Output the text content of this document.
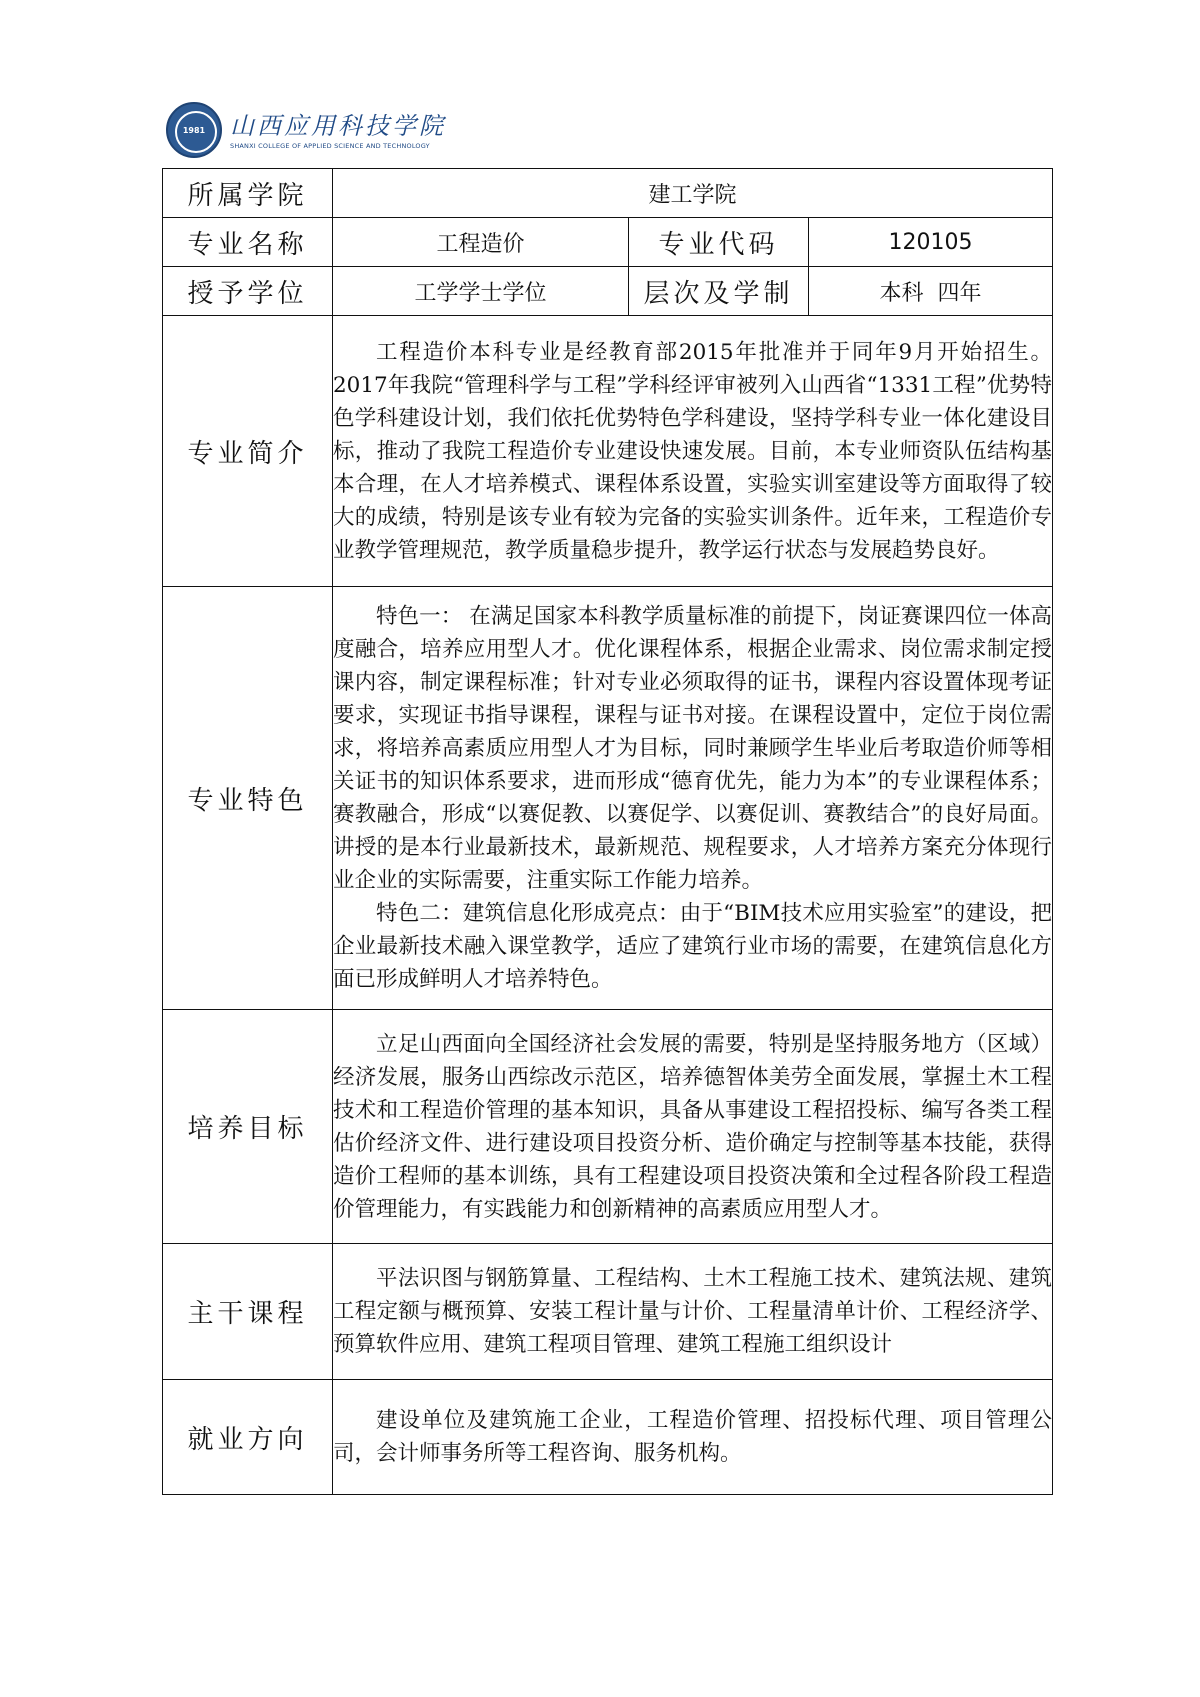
1981	山西应用科技学院
SHANXI COLLEGE OF APPLIED SCIENCE AND TECHNOLOGY
所属学院	建工学院		
专业名称	工程造价	专业代码	120105
授予学位	工学学士学位	层次及学制	本科  四年
专业简介	工程造价本科专业是经教育部2015年批准并于同年9月开始招生。2017年我院“管理科学与工程”学科经评审被列入山西省“1331工程”优势特色学科建设计划，我们依托优势特色学科建设，坚持学科专业一体化建设目标，推动了我院工程造价专业建设快速发展。目前，本专业师资队伍结构基本合理，在人才培养模式、课程体系设置，实验实训室建设等方面取得了较大的成绩，特别是该专业有较为完备的实验实训条件。近年来，工程造价专业教学管理规范，教学质量稳步提升，教学运行状态与发展趋势良好。		

专业特色	特色一： 在满足国家本科教学质量标准的前提下，岗证赛课四位一体高度融合，培养应用型人才。优化课程体系，根据企业需求、岗位需求制定授课内容，制定课程标准；针对专业必须取得的证书，课程内容设置体现考证要求，实现证书指导课程，课程与证书对接。在课程设置中，定位于岗位需求，将培养高素质应用型人才为目标，同时兼顾学生毕业后考取造价师等相关证书的知识体系要求，进而形成“德育优先，能力为本”的专业课程体系；赛教融合，形成“以赛促教、以赛促学、以赛促训、赛教结合”的良好局面。讲授的是本行业最新技术，最新规范、规程要求，人才培养方案充分体现行业企业的实际需要，注重实际工作能力培养。

特色二：建筑信息化形成亮点：由于“BIM技术应用实验室”的建设，把企业最新技术融入课堂教学，适应了建筑行业市场的需要，在建筑信息化方面已形成鲜明人才培养特色。		

培养目标	立足山西面向全国经济社会发展的需要，特别是坚持服务地方（区域）经济发展，服务山西综改示范区，培养德智体美劳全面发展，掌握土木工程技术和工程造价管理的基本知识，具备从事建设工程招投标、编写各类工程估价经济文件、进行建设项目投资分析、造价确定与控制等基本技能，获得造价工程师的基本训练，具有工程建设项目投资决策和全过程各阶段工程造价管理能力，有实践能力和创新精神的高素质应用型人才。		

主干课程	平法识图与钢筋算量、工程结构、土木工程施工技术、建筑法规、建筑工程定额与概预算、安装工程计量与计价、工程量清单计价、工程经济学、预算软件应用、建筑工程项目管理、建筑工程施工组织设计		

就业方向	建设单位及建筑施工企业，工程造价管理、招投标代理、项目管理公司，会计师事务所等工程咨询、服务机构。		
